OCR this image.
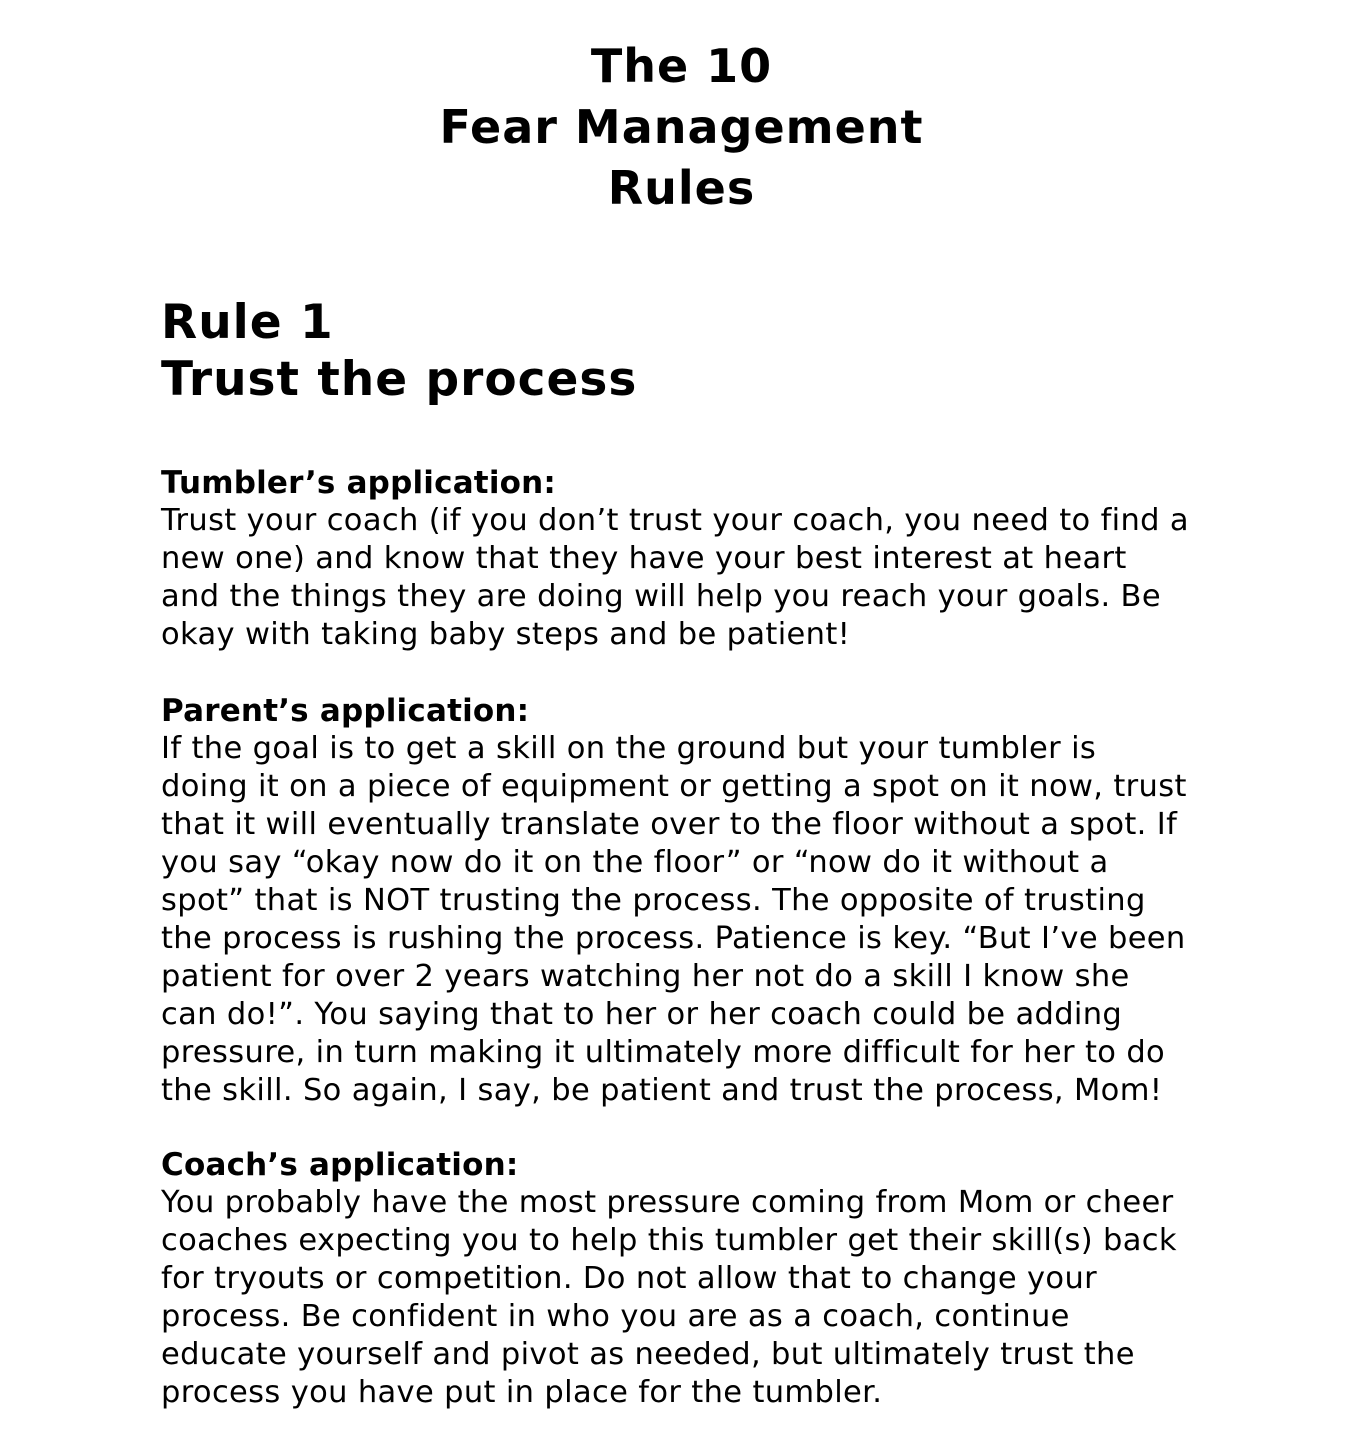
The 10
Fear Management
Rules
Rule 1
Trust the process
Tumbler’s application:

Trust your coach (if you don’t trust your coach, you need to find a
new one) and know that they have your best interest at heart
and the things they are doing will help you reach your goals. Be
okay with taking baby steps and be patient!

Parent’s application:

If the goal is to get a skill on the ground but your tumbler is
doing it on a piece of equipment or getting a spot on it now, trust
that it will eventually translate over to the floor without a spot. If
you say “okay now do it on the floor” or “now do it without a
spot” that is NOT trusting the process. The opposite of trusting
the process is rushing the process. Patience is key. “But I’ve been
patient for over 2 years watching her not do a skill I know she
can do!”. You saying that to her or her coach could be adding
pressure, in turn making it ultimately more difficult for her to do
the skill. So again, I say, be patient and trust the process, Mom!

Coach’s application:

You probably have the most pressure coming from Mom or cheer
coaches expecting you to help this tumbler get their skill(s) back
for tryouts or competition. Do not allow that to change your
process. Be confident in who you are as a coach, continue
educate yourself and pivot as needed, but ultimately trust the
process you have put in place for the tumbler.
